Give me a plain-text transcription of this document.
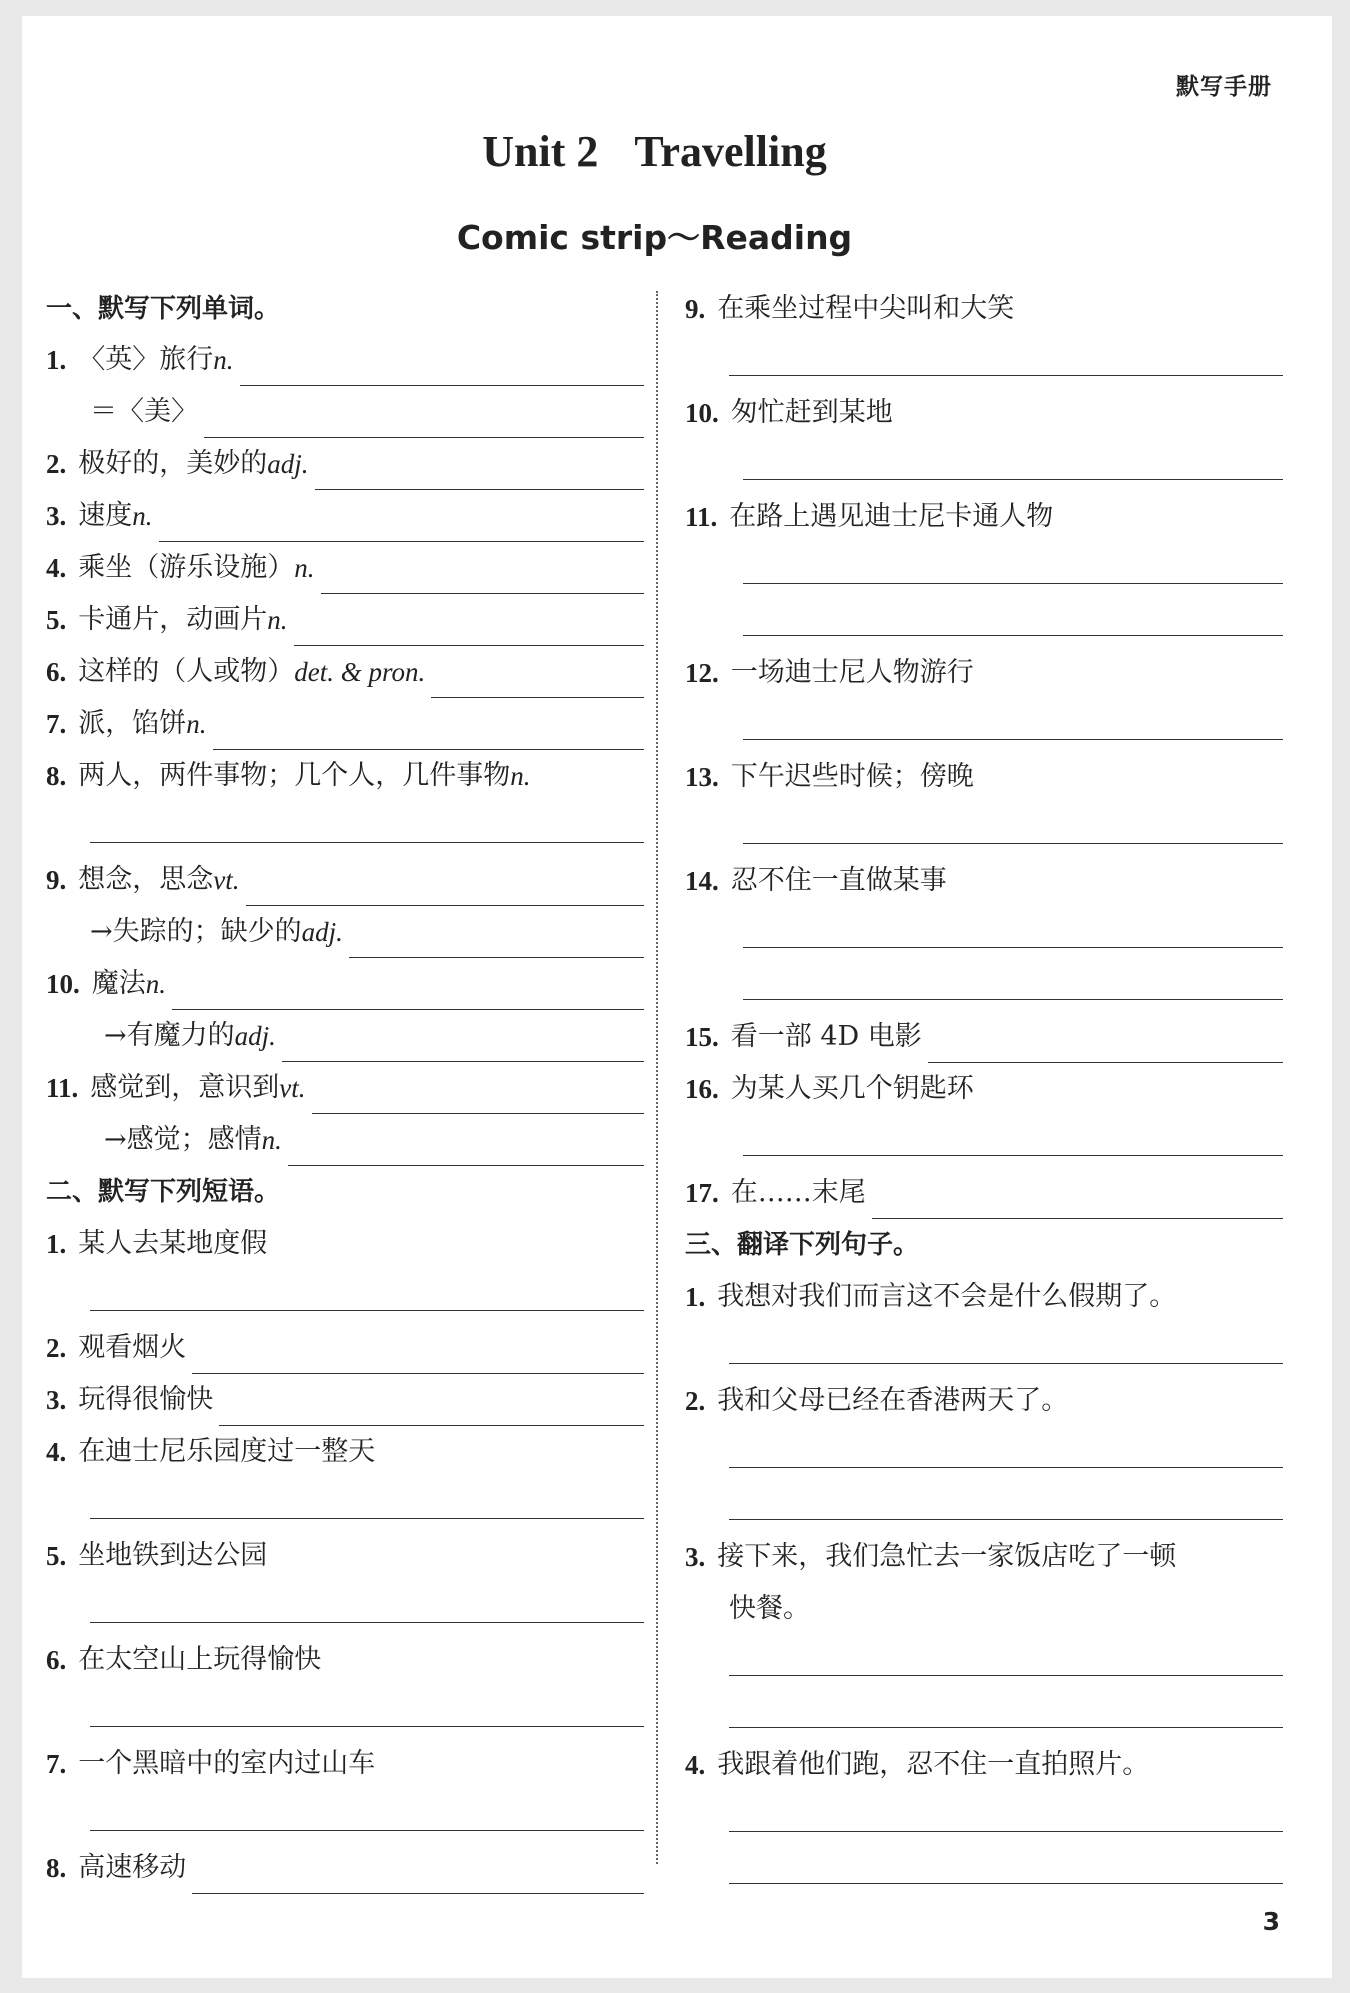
默写手册
Unit 2 Travelling
Comic strip～Reading
一、默写下列单词。
1. 〈英〉旅行 n.
＝〈美〉
2. 极好的，美妙的 adj.
3. 速度 n.
4. 乘坐（游乐设施） n.
5. 卡通片，动画片 n.
6. 这样的（人或物） det. & pron.
7. 派，馅饼 n.
8. 两人，两件事物；几个人，几件事物 n.
9. 想念，思念 vt.
→失踪的；缺少的 adj.
10. 魔法 n.
→有魔力的 adj.
11. 感觉到，意识到 vt.
→感觉；感情 n.
二、默写下列短语。
1. 某人去某地度假
2. 观看烟火
3. 玩得很愉快
4. 在迪士尼乐园度过一整天
5. 坐地铁到达公园
6. 在太空山上玩得愉快
7. 一个黑暗中的室内过山车
8. 高速移动
9. 在乘坐过程中尖叫和大笑
10. 匆忙赶到某地
11. 在路上遇见迪士尼卡通人物
12. 一场迪士尼人物游行
13. 下午迟些时候；傍晚
14. 忍不住一直做某事
15. 看一部 4D 电影
16. 为某人买几个钥匙环
17. 在……末尾
三、翻译下列句子。
1. 我想对我们而言这不会是什么假期了。
2. 我和父母已经在香港两天了。
3. 接下来，我们急忙去一家饭店吃了一顿
快餐。
4. 我跟着他们跑，忍不住一直拍照片。
3
